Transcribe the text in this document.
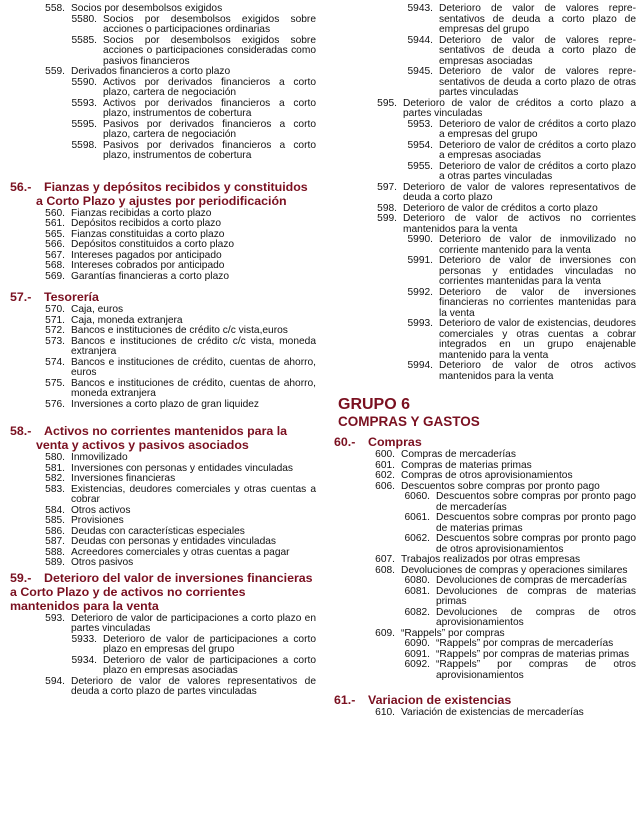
558. Socios por desembolsos exigidos
5580. Socios por desembolsos exigidos sobre acciones o participaciones ordinarias
5585. Socios por desembolsos exigidos sobre acciones o participaciones consideradas como pasivos financieros
559. Derivados financieros a corto plazo
5590. Activos por derivados financieros a corto plazo, cartera de negociación
5593. Activos por derivados financieros a corto plazo, instrumentos de cobertura
5595. Pasivos por derivados financieros a corto plazo, cartera de negociación
5598. Pasivos por derivados financieros a corto plazo, instrumentos de cobertura
56.- Fianzas y depósitos recibidos y constituidos
a Corto Plazo y ajustes por periodificación
560. Fianzas recibidas a corto plazo
561. Depósitos recibidos a corto plazo
565. Fianzas constituidas a corto plazo
566. Depósitos constituidos a corto plazo
567. Intereses pagados por anticipado
568. Intereses cobrados por anticipado
569. Garantías financieras a corto plazo
57.- Tesorería
570. Caja, euros
571. Caja, moneda extranjera
572. Bancos e instituciones de crédito c/c vista,euros
573. Bancos e instituciones de crédito c/c vista, moneda extranjera
574. Bancos e instituciones de crédito, cuentas de ahorro, euros
575. Bancos e instituciones de crédito, cuentas de ahorro, moneda extranjera
576. Inversiones a corto plazo de gran liquidez
58.- Activos no corrientes mantenidos para la
venta y activos y pasivos asociados
580. Inmovilizado
581. Inversiones con personas y entidades vinculadas
582. Inversiones financieras
583. Existencias, deudores comerciales y otras cuentas a cobrar
584. Otros activos
585. Provisiones
586. Deudas con características especiales
587. Deudas con personas y entidades vinculadas
588. Acreedores comerciales y otras cuentas a pagar
589. Otros pasivos
59.- Deterioro del valor de inversiones financieras a Corto Plazo y de activos no corrientes mantenidos para la venta
593. Deterioro de valor de participaciones a corto plazo en partes vinculadas
5933. Deterioro de valor de participaciones a corto plazo en empresas del grupo
5934. Deterioro de valor de participaciones a corto plazo en empresas asociadas
594. Deterioro de valor de valores representativos de deuda a corto plazo de partes vinculadas
5943. Deterioro de valor de valores representativos de deuda a corto plazo de empresas del grupo
5944. Deterioro de valor de valores representativos de deuda a corto plazo de empresas asociadas
5945. Deterioro de valor de valores representativos de deuda a corto plazo de otras partes vinculadas
595. Deterioro de valor de créditos a corto plazo a partes vinculadas
5953. Deterioro de valor de créditos a corto plazo a empresas del grupo
5954. Deterioro de valor de créditos a corto plazo a empresas asociadas
5955. Deterioro de valor de créditos a corto plazo a otras partes vinculadas
597. Deterioro de valor de valores representativos de deuda a corto plazo
598. Deterioro de valor de créditos a corto plazo
599. Deterioro de valor de activos no corrientes mantenidos para la venta
5990. Deterioro de valor de inmovilizado no corriente mantenido para la venta
5991. Deterioro de valor de inversiones con personas y entidades vinculadas no corrientes mantenidas para la venta
5992. Deterioro de valor de inversiones financieras no corrientes mantenidas para la venta
5993. Deterioro de valor de existencias, deudores comerciales y otras cuentas a cobrar integrados en un grupo enajenable mantenido para la venta
5994. Deterioro de valor de otros activos mantenidos para la venta
GRUPO 6
COMPRAS Y GASTOS
60.- Compras
600. Compras de mercaderías
601. Compras de materias primas
602. Compras de otros aprovisionamientos
606. Descuentos sobre compras por pronto pago
6060. Descuentos sobre compras por pronto pago de mercaderías
6061. Descuentos sobre compras por pronto pago de materias primas
6062. Descuentos sobre compras por pronto pago de otros aprovisionamientos
607. Trabajos realizados por otras empresas
608. Devoluciones de compras y operaciones similares
6080. Devoluciones de compras de mercaderías
6081. Devoluciones de compras de materias primas
6082. Devoluciones de compras de otros aprovisionamientos
609. “Rappels” por compras
6090. “Rappels” por compras de mercaderías
6091. “Rappels” por compras de materias primas
6092. “Rappels” por compras de otros aprovisionamientos
61.- Variacion de existencias
610. Variación de existencias de mercaderías
